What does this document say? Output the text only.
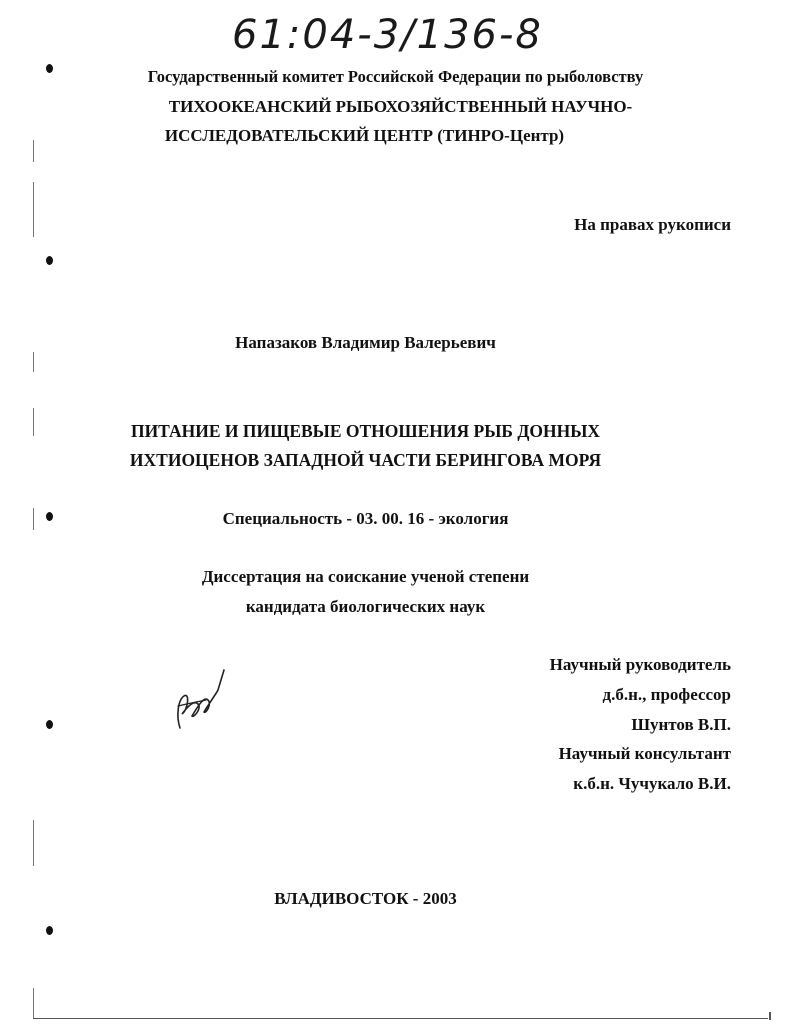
61:04-3/136-8
Государственный комитет Российской Федерации по рыболовству
ТИХООКЕАНСКИЙ РЫБОХОЗЯЙСТВЕННЫЙ НАУЧНО-
ИССЛЕДОВАТЕЛЬСКИЙ ЦЕНТР (ТИНРО-Центр)
На правах рукописи
Напазаков Владимир Валерьевич
ПИТАНИЕ И ПИЩЕВЫЕ ОТНОШЕНИЯ РЫБ ДОННЫХ
ИХТИОЦЕНОВ ЗАПАДНОЙ ЧАСТИ БЕРИНГОВА МОРЯ
Специальность - 03. 00. 16 - экология
Диссертация на соискание ученой степени
кандидата биологических наук
Научный руководитель
д.б.н., профессор
Шунтов В.П.
Научный консультант
к.б.н. Чучукало В.И.
ВЛАДИВОСТОК - 2003
